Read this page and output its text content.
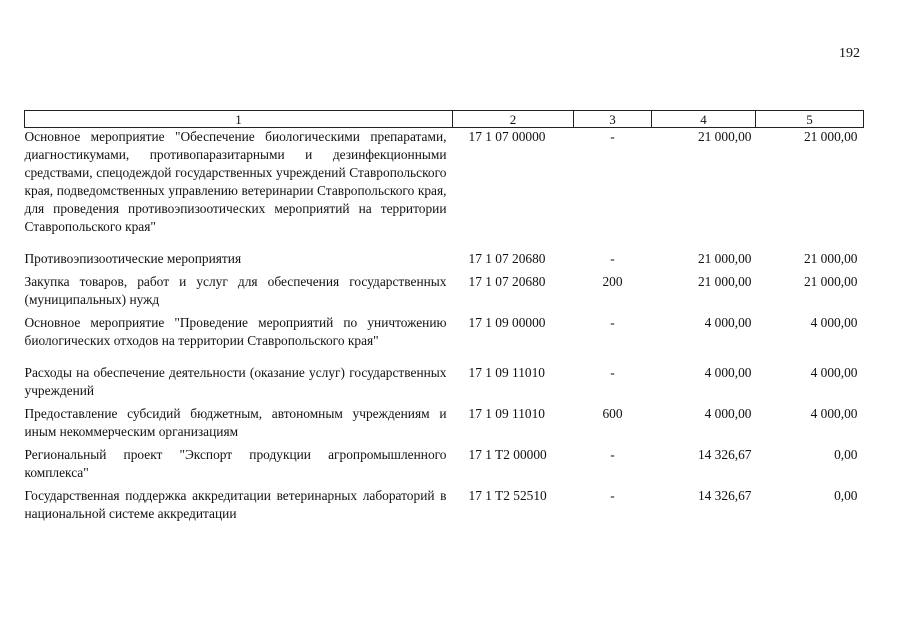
192
1	2	3	4	5
Основное мероприятие "Обеспечение биологическими препаратами, диагностикумами, противопаразитарными и дезинфекционными средствами, спецодеждой государственных учреждений Ставропольского края, подведомственных управлению ветеринарии Ставропольского края, для проведения противоэпизоотических мероприятий на территории Ставропольского края"	17 1 07 00000	-	21 000,00	21 000,00
Противоэпизоотические мероприятия	17 1 07 20680	-	21 000,00	21 000,00
Закупка товаров, работ и услуг для обеспечения государственных (муниципальных) нужд	17 1 07 20680	200	21 000,00	21 000,00
Основное мероприятие "Проведение мероприятий по уничтожению биологических отходов на территории Ставропольского края"	17 1 09 00000	-	4 000,00	4 000,00
Расходы на обеспечение деятельности (оказание услуг) государственных учреждений	17 1 09 11010	-	4 000,00	4 000,00
Предоставление субсидий бюджетным, автономным учреждениям и иным некоммерческим организациям	17 1 09 11010	600	4 000,00	4 000,00
Региональный проект "Экспорт продукции агропромышленного комплекса"	17 1 T2 00000	-	14 326,67	0,00
Государственная поддержка аккредитации ветеринарных лабораторий в национальной системе аккредитации	17 1 T2 52510	-	14 326,67	0,00
